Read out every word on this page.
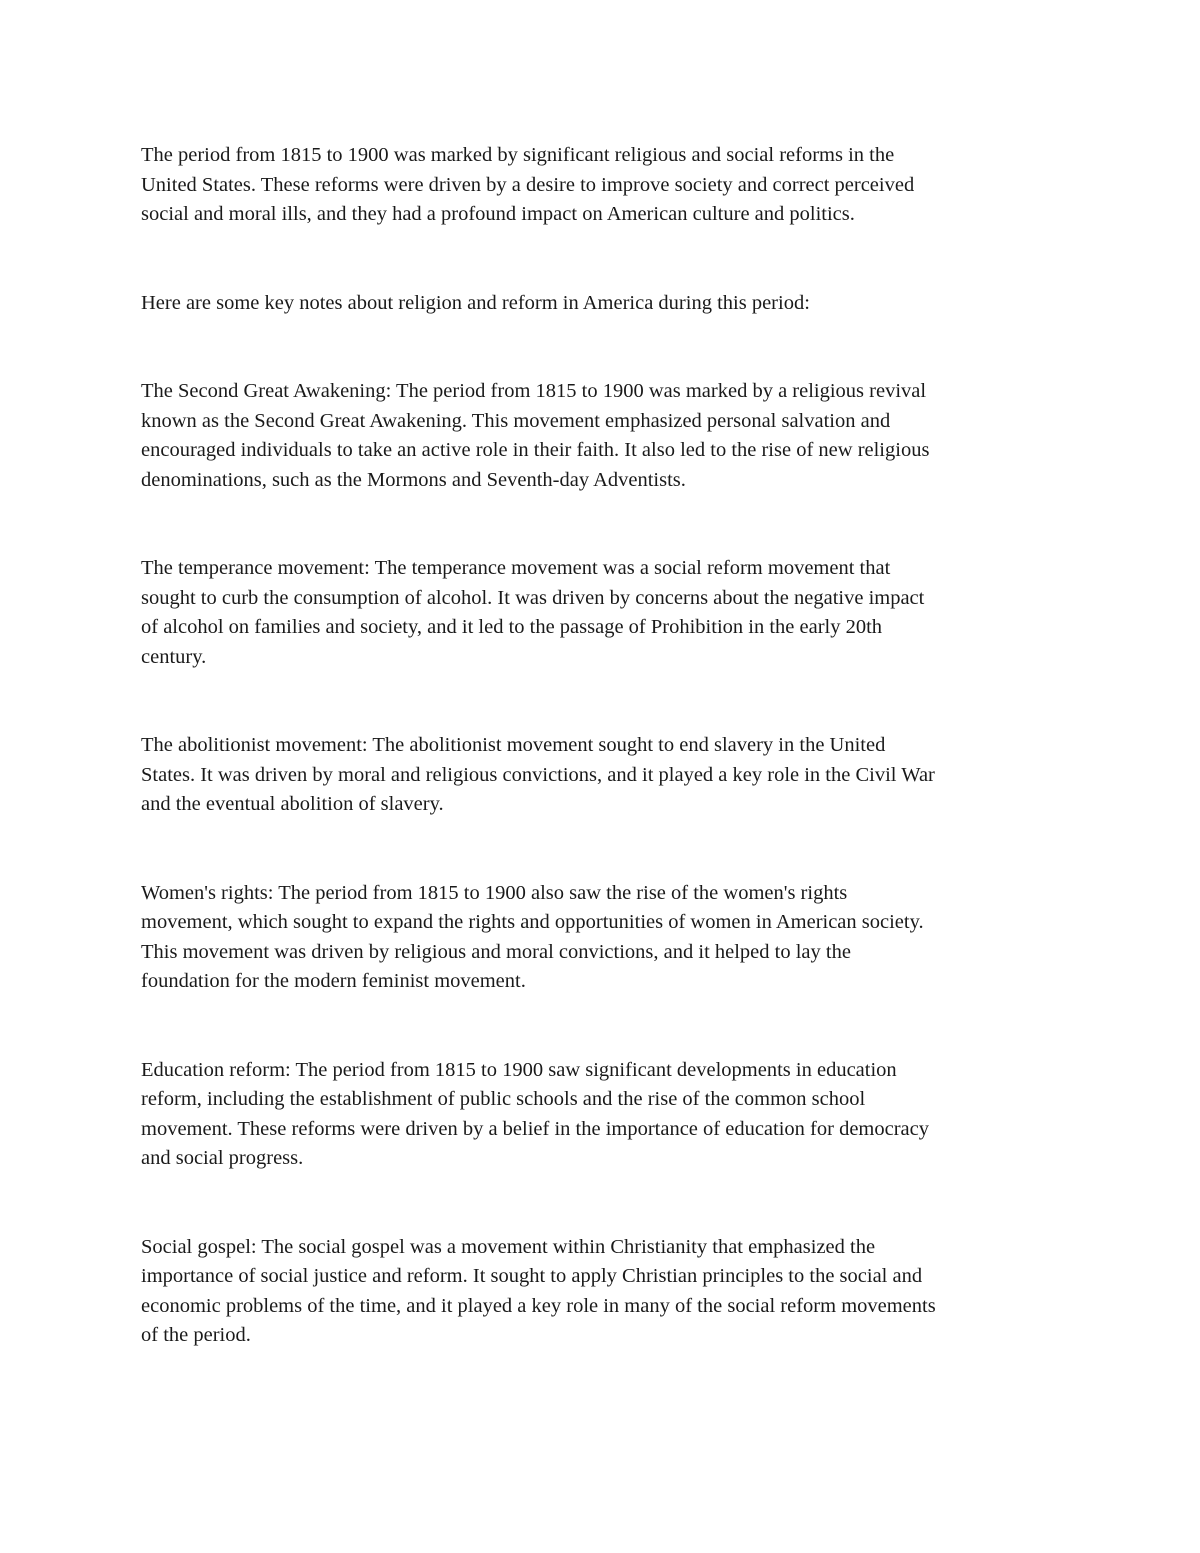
The period from 1815 to 1900 was marked by significant religious and social reforms in the
United States. These reforms were driven by a desire to improve society and correct perceived
social and moral ills, and they had a profound impact on American culture and politics.

Here are some key notes about religion and reform in America during this period:

The Second Great Awakening: The period from 1815 to 1900 was marked by a religious revival
known as the Second Great Awakening. This movement emphasized personal salvation and
encouraged individuals to take an active role in their faith. It also led to the rise of new religious
denominations, such as the Mormons and Seventh-day Adventists.

The temperance movement: The temperance movement was a social reform movement that
sought to curb the consumption of alcohol. It was driven by concerns about the negative impact
of alcohol on families and society, and it led to the passage of Prohibition in the early 20th
century.

The abolitionist movement: The abolitionist movement sought to end slavery in the United
States. It was driven by moral and religious convictions, and it played a key role in the Civil War
and the eventual abolition of slavery.

Women's rights: The period from 1815 to 1900 also saw the rise of the women's rights
movement, which sought to expand the rights and opportunities of women in American society.
This movement was driven by religious and moral convictions, and it helped to lay the
foundation for the modern feminist movement.

Education reform: The period from 1815 to 1900 saw significant developments in education
reform, including the establishment of public schools and the rise of the common school
movement. These reforms were driven by a belief in the importance of education for democracy
and social progress.

Social gospel: The social gospel was a movement within Christianity that emphasized the
importance of social justice and reform. It sought to apply Christian principles to the social and
economic problems of the time, and it played a key role in many of the social reform movements
of the period.
